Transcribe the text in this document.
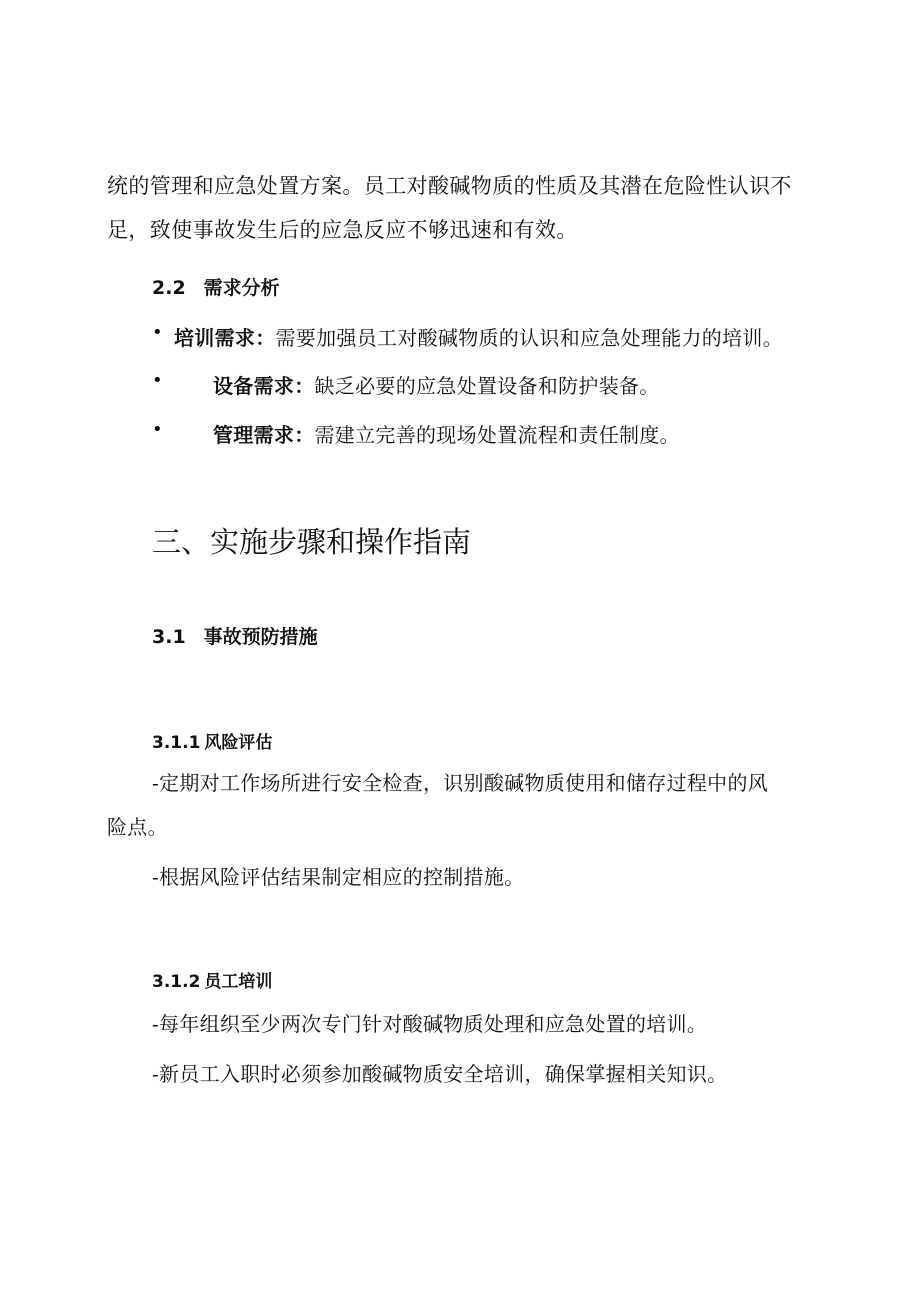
统的管理和应急处置方案。员工对酸碱物质的性质及其潜在危险性认识不
足，致使事故发生后的应急反应不够迅速和有效。

2.2 需求分析

• 培训需求：需要加强员工对酸碱物质的认识和应急处理能力的培训。

•	设备需求：缺乏必要的应急处置设备和防护装备。

•	管理需求：需建立完善的现场处置流程和责任制度。

三、实施步骤和操作指南
3.1 事故预防措施
3.1.1 风险评估

-定期对工作场所进行安全检查，识别酸碱物质使用和储存过程中的风

险点。

-根据风险评估结果制定相应的控制措施。

3.1.2 员工培训

-每年组织至少两次专门针对酸碱物质处理和应急处置的培训。

-新员工入职时必须参加酸碱物质安全培训，确保掌握相关知识。
